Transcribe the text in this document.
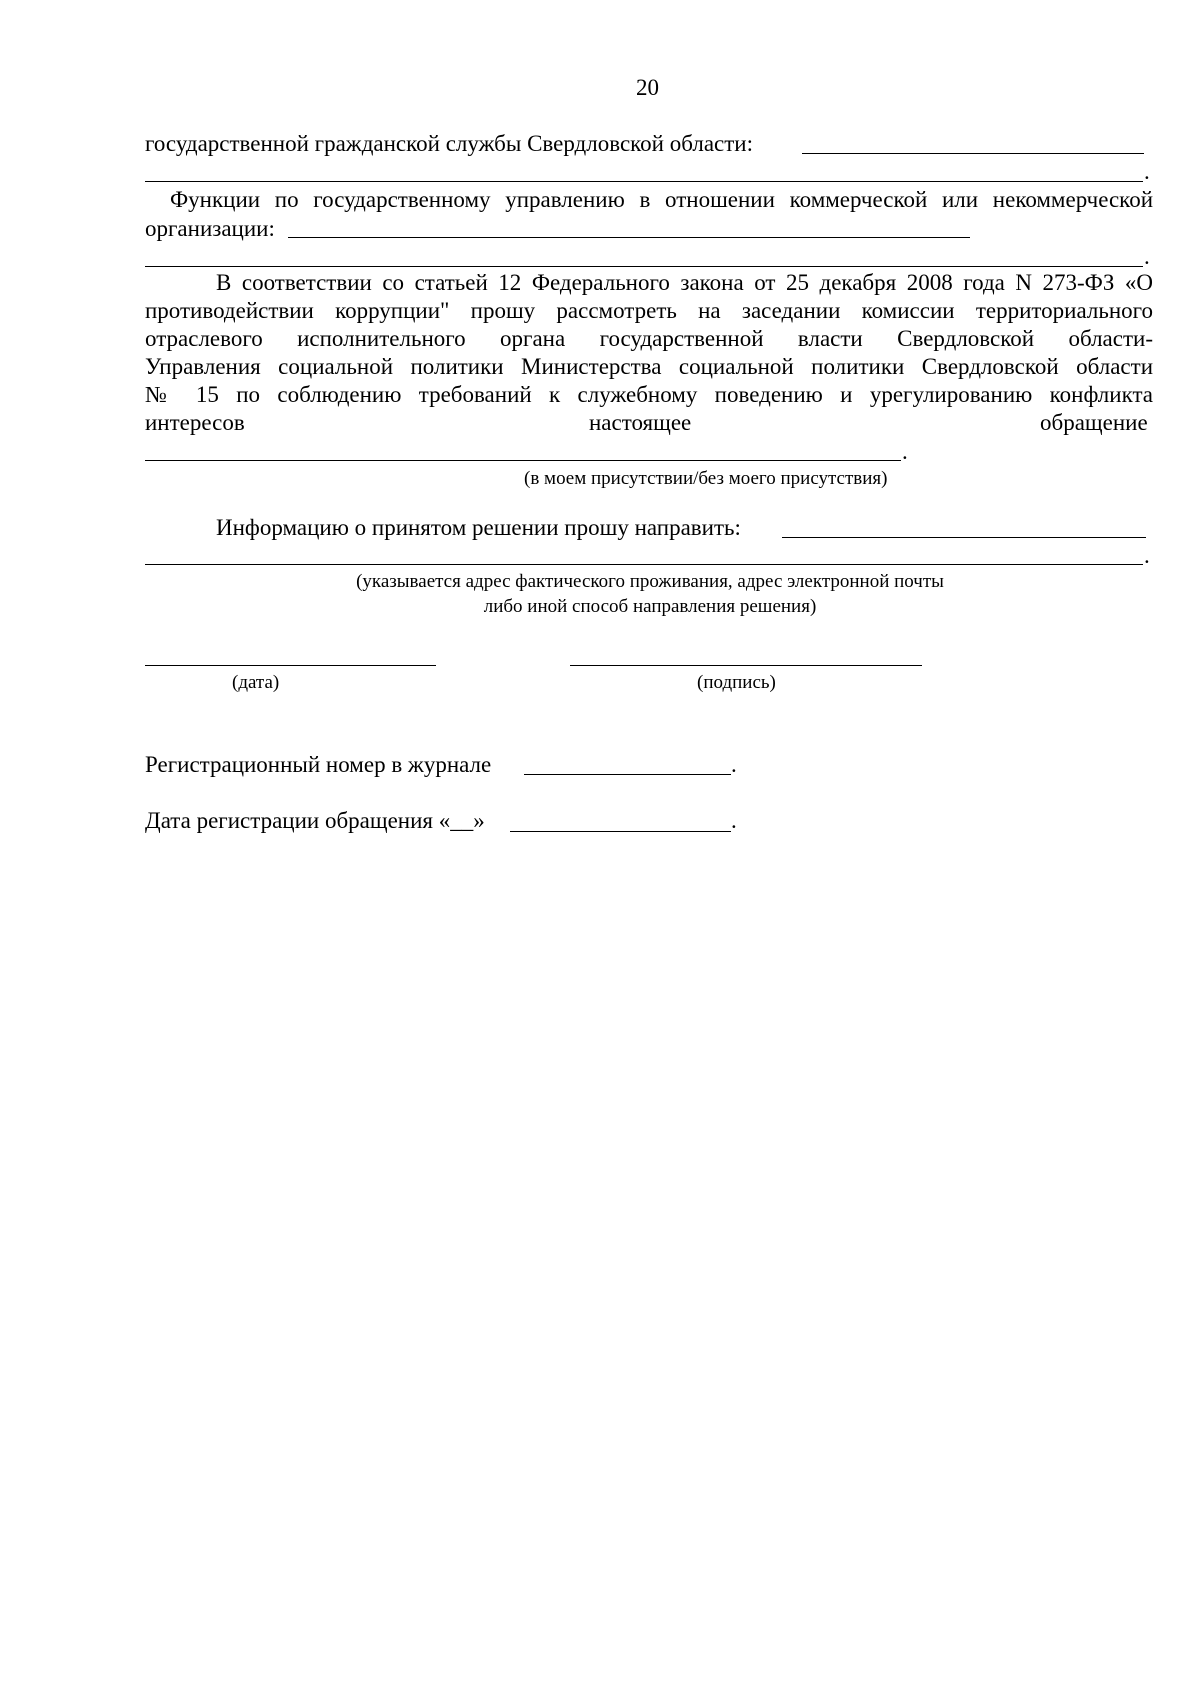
20
государственной гражданской службы Свердловской области:
.
Функции по государственному управлению в отношении коммерческой или некоммерческой
организации:
.
В соответствии со статьей 12 Федерального закона от 25 декабря 2008 года N 273-ФЗ «О
противодействии коррупции" прошу рассмотреть на заседании комиссии территориального
отраслевого исполнительного органа государственной власти Свердловской области-
Управления социальной политики Министерства социальной политики Свердловской области
№ 15 по соблюдению требований к служебному поведению и урегулированию конфликта
интересов	настоящее	обращение
.
(в моем присутствии/без моего присутствия)
Информацию о принятом решении прошу направить:
.
(указывается адрес фактического проживания, адрес электронной почты
либо иной способ направления решения)
(дата)	(подпись)
Регистрационный номер в журнале	.
Дата регистрации обращения «__»	.
